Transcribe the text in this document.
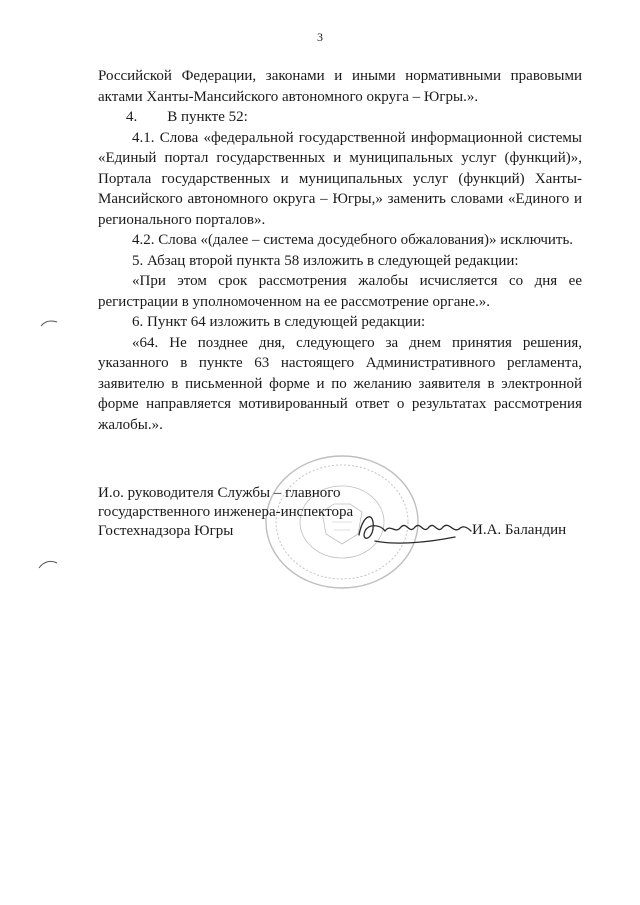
3

Российской Федерации, законами и иными нормативными правовыми актами Ханты-Мансийского автономного округа – Югры.».

4. В пункте 52:

4.1. Слова «федеральной государственной информационной системы «Единый портал государственных и муниципальных услуг (функций)», Портала государственных и муниципальных услуг (функций) Ханты-Мансийского автономного округа – Югры,» заменить словами «Единого и регионального порталов».

4.2. Слова «(далее – система досудебного обжалования)» исключить.

5. Абзац второй пункта 58 изложить в следующей редакции:

«При этом срок рассмотрения жалобы исчисляется со дня ее регистрации в уполномоченном на ее рассмотрение органе.».

6. Пункт 64 изложить в следующей редакции:

«64. Не позднее дня, следующего за днем принятия решения, указанного в пункте 63 настоящего Административного регламента, заявителю в письменной форме и по желанию заявителя в электронной форме направляется мотивированный ответ о результатах рассмотрения жалобы.».

И.о. руководителя Службы – главного
государственного инженера-инспектора
Гостехнадзора Югры	И.А. Баландин
